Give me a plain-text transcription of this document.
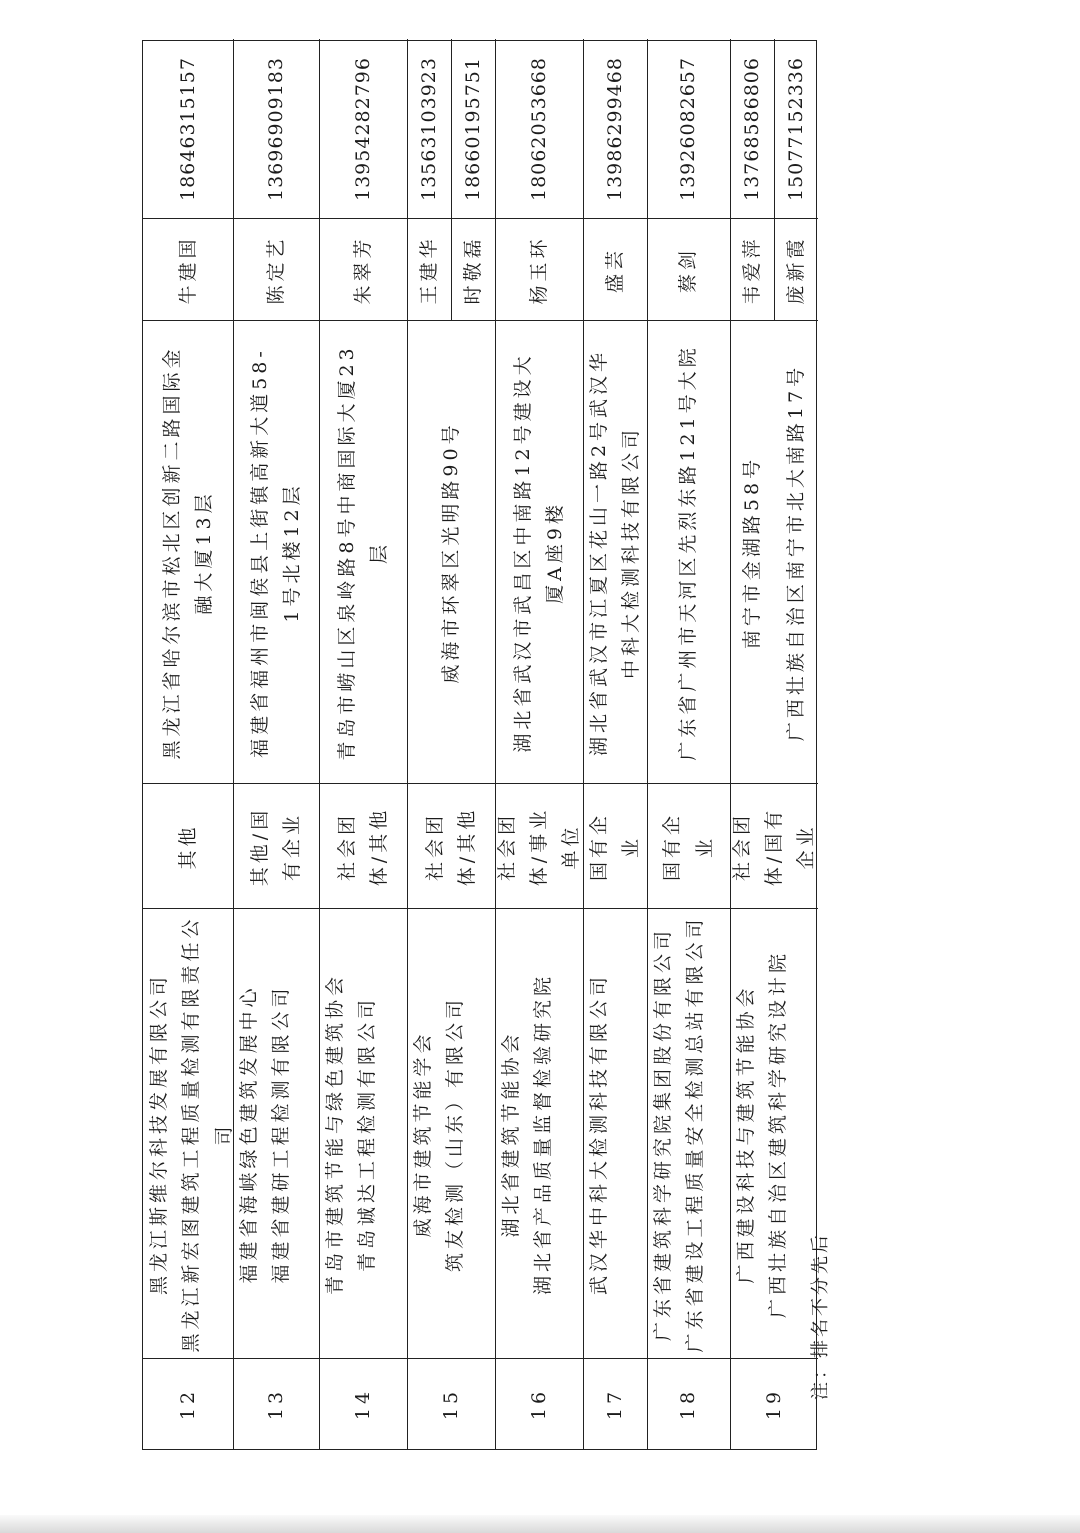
12
黑龙江斯维尔科技发展有限公司 黑龙江新宏图建筑工程质量检测有限责任公司
其他
黑龙江省哈尔滨市松北区创新二路国际金融大厦13层
牛建国
18646315157
13
福建省海峡绿色建筑发展中心 福建省建研工程检测有限公司
其他/国有企业
福建省福州市闽侯县上街镇高新大道58-1号北楼12层
陈定艺
13696909183
14
青岛市建筑节能与绿色建筑协会 青岛诚达工程检测有限公司
社会团体/其他
青岛市崂山区泉岭路8号中商国际大厦23层
朱翠芳
13954282796
15
威海市建筑节能学会 筑友检测（山东）有限公司
社会团体/其他
威海市环翠区光明路90号
王建华
13563103923
时敬磊
18660195751
16
湖北省建筑节能协会 湖北省产品质量监督检验研究院
社会团体/事业单位
湖北省武汉市武昌区中南路12号建设大厦A座9楼
杨玉环
18062053668
17
武汉华中科大检测科技有限公司
国有企业
湖北省武汉市江夏区花山一路2号武汉华中科大检测科技有限公司
盛芸
13986299468
18
广东省建筑科学研究院集团股份有限公司 广东省建设工程质量安全检测总站有限公司
国有企业
广东省广州市天河区先烈东路121号大院
蔡剑
13926082657
19
广西建设科技与建筑节能协会 广西壮族自治区建筑科学研究设计院
社会团体/国有企业
南宁市金湖路58号	广西壮族自治区南宁市北大南路17号
韦爱萍
13768586806
庞新霞
15077152336
注：排名不分先后
